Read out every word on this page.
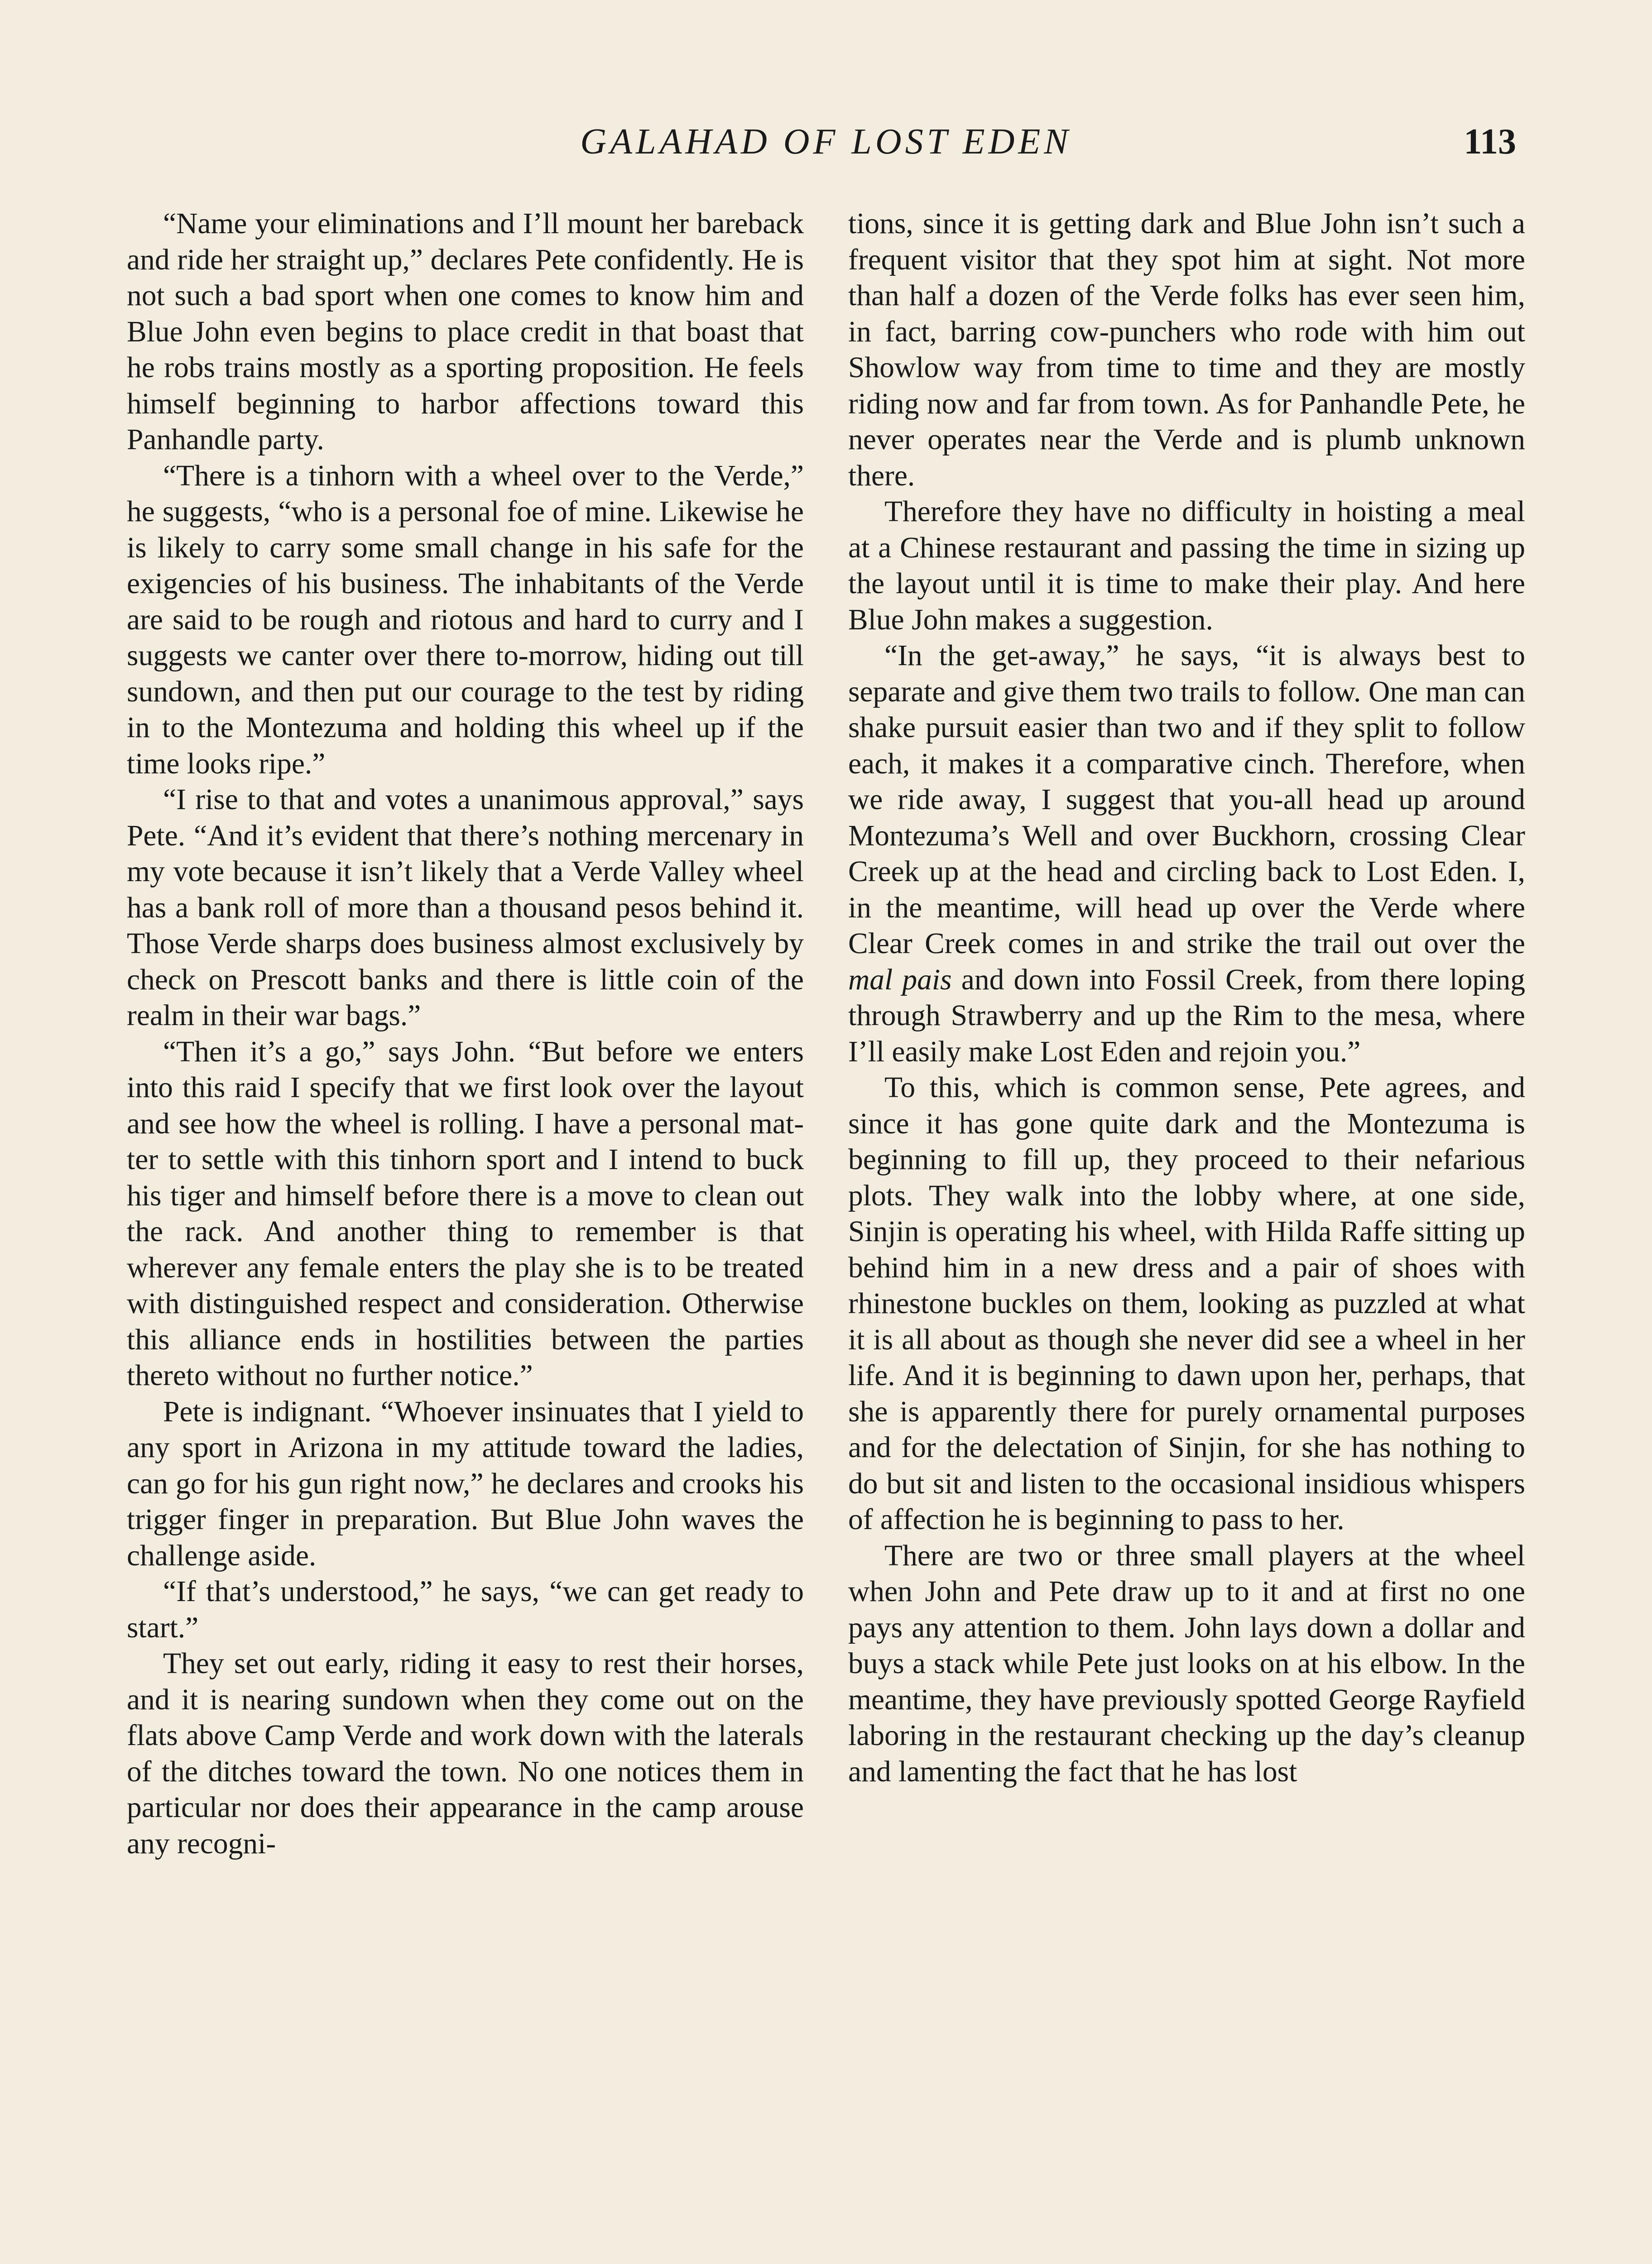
GALAHAD OF LOST EDEN	113

“Name your eliminations and I’ll mount her bareback and ride her straight up,” declares Pete confidently. He is not such a bad sport when one comes to know him and Blue John even begins to place credit in that boast that he robs trains mostly as a sporting proposition. He feels himself beginning to harbor affections toward this Panhandle party.

“There is a tinhorn with a wheel over to the Verde,” he suggests, “who is a personal foe of mine. Likewise he is likely to carry some small change in his safe for the exigencies of his business. The inhabitants of the Verde are said to be rough and riotous and hard to curry and I suggests we canter over there to-morrow, hiding out till sundown, and then put our courage to the test by riding in to the Montezuma and holding this wheel up if the time looks ripe.”

“I rise to that and votes a unanimous approval,” says Pete. “And it’s evident that there’s nothing mercenary in my vote because it isn’t likely that a Verde Valley wheel has a bank roll of more than a thousand pesos behind it. Those Verde sharps does business almost exclusively by check on Prescott banks and there is little coin of the realm in their war bags.”

“Then it’s a go,” says John. “But before we enters into this raid I specify that we first look over the layout and see how the wheel is rolling. I have a personal matter to settle with this tinhorn sport and I intend to buck his tiger and himself before there is a move to clean out the rack. And another thing to remember is that wherever any female enters the play she is to be treated with distinguished respect and consideration. Otherwise this alliance ends in hostilities between the parties thereto without no further notice.”

Pete is indignant. “Whoever insinuates that I yield to any sport in Arizona in my attitude toward the ladies, can go for his gun right now,” he declares and crooks his trigger finger in preparation. But Blue John waves the challenge aside.

“If that’s understood,” he says, “we can get ready to start.”

They set out early, riding it easy to rest their horses, and it is nearing sundown when they come out on the flats above Camp Verde and work down with the laterals of the ditches toward the town. No one notices them in particular nor does their appearance in the camp arouse any recogni-

tions, since it is getting dark and Blue John isn’t such a frequent visitor that they spot him at sight. Not more than half a dozen of the Verde folks has ever seen him, in fact, barring cow-punchers who rode with him out Showlow way from time to time and they are mostly riding now and far from town. As for Panhandle Pete, he never operates near the Verde and is plumb unknown there.

Therefore they have no difficulty in hoisting a meal at a Chinese restaurant and passing the time in sizing up the layout until it is time to make their play. And here Blue John makes a suggestion.

“In the get-away,” he says, “it is always best to separate and give them two trails to follow. One man can shake pursuit easier than two and if they split to follow each, it makes it a comparative cinch. Therefore, when we ride away, I suggest that you-all head up around Montezuma’s Well and over Buckhorn, crossing Clear Creek up at the head and circling back to Lost Eden. I, in the meantime, will head up over the Verde where Clear Creek comes in and strike the trail out over the mal pais and down into Fossil Creek, from there loping through Strawberry and up the Rim to the mesa, where I’ll easily make Lost Eden and rejoin you.”

To this, which is common sense, Pete agrees, and since it has gone quite dark and the Montezuma is beginning to fill up, they proceed to their nefarious plots. They walk into the lobby where, at one side, Sinjin is operating his wheel, with Hilda Raffe sitting up behind him in a new dress and a pair of shoes with rhinestone buckles on them, looking as puzzled at what it is all about as though she never did see a wheel in her life. And it is beginning to dawn upon her, perhaps, that she is apparently there for purely ornamental purposes and for the delectation of Sinjin, for she has nothing to do but sit and listen to the occasional insidious whispers of affection he is beginning to pass to her.

There are two or three small players at the wheel when John and Pete draw up to it and at first no one pays any attention to them. John lays down a dollar and buys a stack while Pete just looks on at his elbow. In the meantime, they have previously spotted George Rayfield laboring in the restaurant checking up the day’s cleanup and lamenting the fact that he has lost
